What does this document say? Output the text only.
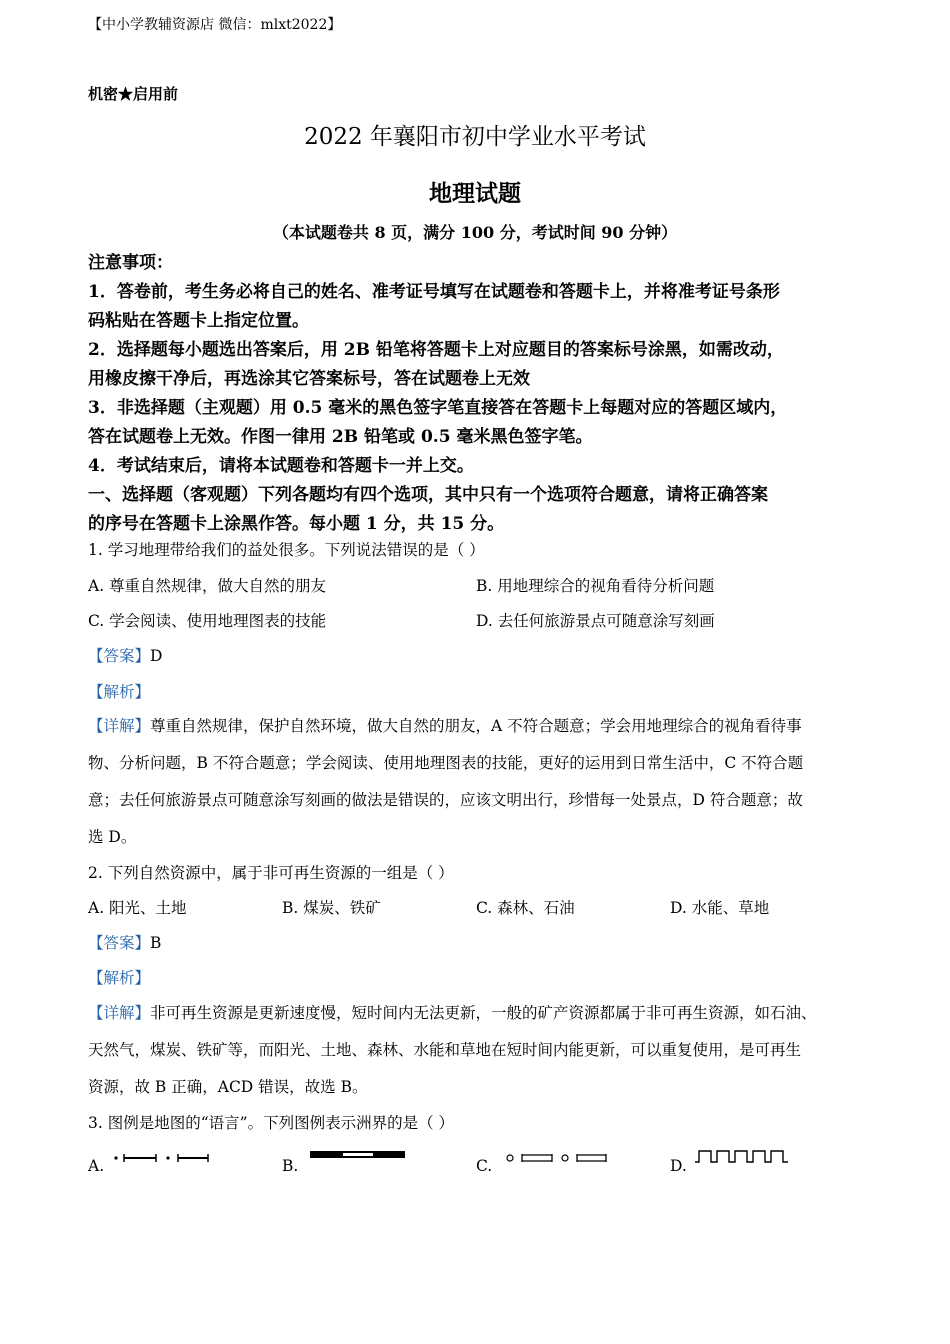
【中小学教辅资源店 微信：mlxt2022】
机密★启用前
2022 年襄阳市初中学业水平考试
地理试题
（本试题卷共 8 页，满分 100 分，考试时间 90 分钟）
注意事项：
1．答卷前，考生务必将自己的姓名、准考证号填写在试题卷和答题卡上，并将准考证号条形
码粘贴在答题卡上指定位置。
2．选择题每小题选出答案后，用 2B 铅笔将答题卡上对应题目的答案标号涂黑，如需改动，
用橡皮擦干净后，再选涂其它答案标号，答在试题卷上无效
3．非选择题（主观题）用 0.5 毫米的黑色签字笔直接答在答题卡上每题对应的答题区域内，
答在试题卷上无效。作图一律用 2B 铅笔或 0.5 毫米黑色签字笔。
4．考试结束后，请将本试题卷和答题卡一并上交。
一、选择题（客观题）下列各题均有四个选项，其中只有一个选项符合题意，请将正确答案
的序号在答题卡上涂黑作答。每小题 1 分，共 15 分。
1. 学习地理带给我们的益处很多。下列说法错误的是（ ）
A. 尊重自然规律，做大自然的朋友	B. 用地理综合的视角看待分析问题
C. 学会阅读、使用地理图表的技能	D. 去任何旅游景点可随意涂写刻画
【答案】D
【解析】
【详解】尊重自然规律，保护自然环境，做大自然的朋友，A 不符合题意；学会用地理综合的视角看待事
物、分析问题，B 不符合题意；学会阅读、使用地理图表的技能，更好的运用到日常生活中，C 不符合题
意；去任何旅游景点可随意涂写刻画的做法是错误的，应该文明出行，珍惜每一处景点，D 符合题意；故
选 D。
2. 下列自然资源中，属于非可再生资源的一组是（ ）
A. 阳光、土地	B. 煤炭、铁矿	C. 森林、石油	D. 水能、草地
【答案】B
【解析】
【详解】非可再生资源是更新速度慢，短时间内无法更新，一般的矿产资源都属于非可再生资源，如石油、
天然气，煤炭、铁矿等，而阳光、土地、森林、水能和草地在短时间内能更新，可以重复使用，是可再生
资源，故 B 正确，ACD 错误，故选 B。
3. 图例是地图的“语言”。下列图例表示洲界的是（ ）
A.	B.	C.	D.
